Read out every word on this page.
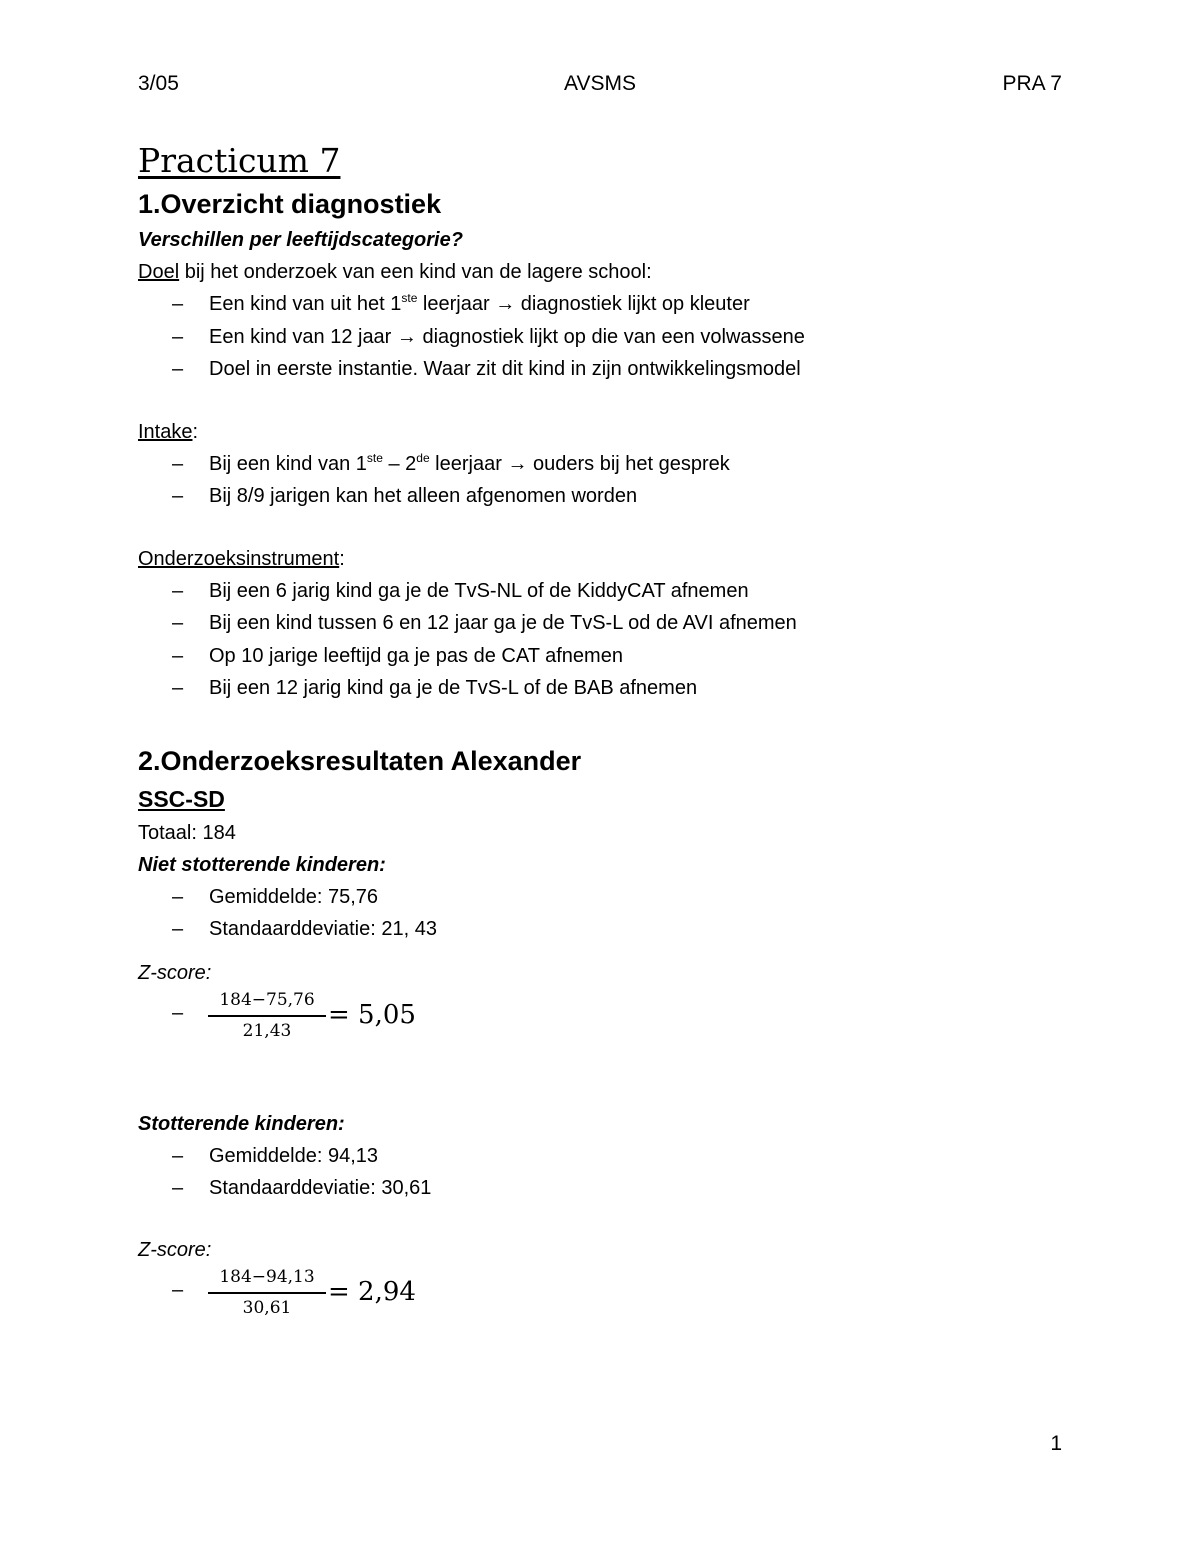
3/05	AVSMS	PRA 7
Practicum 7
1.Overzicht diagnostiek
Verschillen per leeftijdscategorie?
Doel bij het onderzoek van een kind van de lagere school:
– Een kind van uit het 1ste leerjaar → diagnostiek lijkt op kleuter
– Een kind van 12 jaar → diagnostiek lijkt op die van een volwassene
– Doel in eerste instantie. Waar zit dit kind in zijn ontwikkelingsmodel
Intake:
– Bij een kind van 1ste – 2de leerjaar → ouders bij het gesprek
– Bij 8/9 jarigen kan het alleen afgenomen worden
Onderzoeksinstrument:
– Bij een 6 jarig kind ga je de TvS-NL of de KiddyCAT afnemen
– Bij een kind tussen 6 en 12 jaar ga je de TvS-L od de AVI afnemen
– Op 10 jarige leeftijd ga je pas de CAT afnemen
– Bij een 12 jarig kind ga je de TvS-L of de BAB afnemen
2.Onderzoeksresultaten Alexander
SSC-SD
Totaal: 184
Niet stotterende kinderen:
– Gemiddelde: 75,76
– Standaarddeviatie: 21, 43
Z-score:
–
184−75,76
21,43
= 5,05
Stotterende kinderen:
– Gemiddelde: 94,13
– Standaarddeviatie: 30,61
Z-score:
–
184−94,13
30,61
= 2,94
1
